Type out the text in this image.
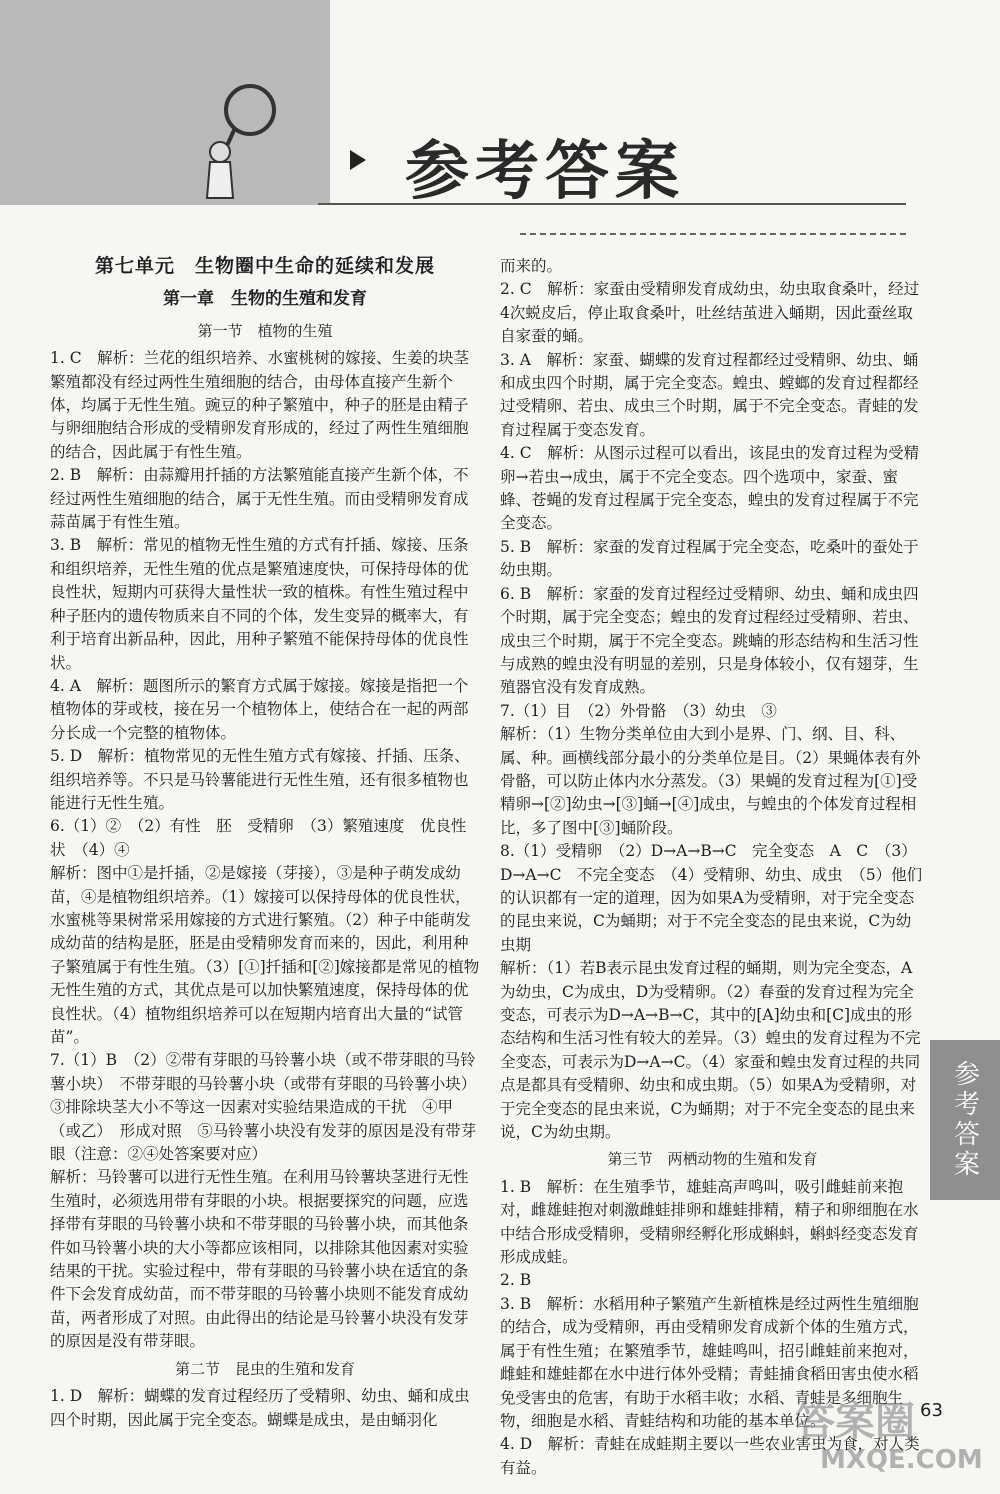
参考答案
第七单元　生物圈中生命的延续和发展
第一章　生物的生殖和发育
第一节　植物的生殖

1. C　解析：兰花的组织培养、水蜜桃树的嫁接、生姜的块茎繁殖都没有经过两性生殖细胞的结合，由母体直接产生新个体，均属于无性生殖。豌豆的种子繁殖中，种子的胚是由精子与卵细胞结合形成的受精卵发育形成的，经过了两性生殖细胞的结合，因此属于有性生殖。

2. B　解析：由蒜瓣用扦插的方法繁殖能直接产生新个体，不经过两性生殖细胞的结合，属于无性生殖。而由受精卵发育成蒜苗属于有性生殖。

3. B　解析：常见的植物无性生殖的方式有扦插、嫁接、压条和组织培养，无性生殖的优点是繁殖速度快，可保持母体的优良性状，短期内可获得大量性状一致的植株。有性生殖过程中种子胚内的遗传物质来自不同的个体，发生变异的概率大，有利于培育出新品种，因此，用种子繁殖不能保持母体的优良性状。

4. A　解析：题图所示的繁育方式属于嫁接。嫁接是指把一个植物体的芽或枝，接在另一个植物体上，使结合在一起的两部分长成一个完整的植物体。

5. D　解析：植物常见的无性生殖方式有嫁接、扦插、压条、组织培养等。不只是马铃薯能进行无性生殖，还有很多植物也能进行无性生殖。

6.（1）②　（2）有性　胚　受精卵　（3）繁殖速度　优良性状　（4）④

解析：图中①是扦插，②是嫁接（芽接），③是种子萌发成幼苗，④是植物组织培养。（1）嫁接可以保持母体的优良性状，水蜜桃等果树常采用嫁接的方式进行繁殖。（2）种子中能萌发成幼苗的结构是胚，胚是由受精卵发育而来的，因此，利用种子繁殖属于有性生殖。（3）[①]扦插和[②]嫁接都是常见的植物无性生殖的方式，其优点是可以加快繁殖速度，保持母体的优良性状。（4）植物组织培养可以在短期内培育出大量的“试管苗”。

7.（1）B　（2）②带有芽眼的马铃薯小块（或不带芽眼的马铃薯小块）　不带芽眼的马铃薯小块（或带有芽眼的马铃薯小块）　③排除块茎大小不等这一因素对实验结果造成的干扰　④甲（或乙）　形成对照　⑤马铃薯小块没有发芽的原因是没有带芽眼（注意：②④处答案要对应）

解析：马铃薯可以进行无性生殖。在利用马铃薯块茎进行无性生殖时，必须选用带有芽眼的小块。根据要探究的问题，应选择带有芽眼的马铃薯小块和不带芽眼的马铃薯小块，而其他条件如马铃薯小块的大小等都应该相同，以排除其他因素对实验结果的干扰。实验过程中，带有芽眼的马铃薯小块在适宜的条件下会发育成幼苗，而不带芽眼的马铃薯小块则不能发育成幼苗，两者形成了对照。由此得出的结论是马铃薯小块没有发芽的原因是没有带芽眼。

第二节　昆虫的生殖和发育

1. D　解析：蝴蝶的发育过程经历了受精卵、幼虫、蛹和成虫四个时期，因此属于完全变态。蝴蝶是成虫，是由蛹羽化

而来的。

2. C　解析：家蚕由受精卵发育成幼虫，幼虫取食桑叶，经过4次蜕皮后，停止取食桑叶，吐丝结茧进入蛹期，因此蚕丝取自家蚕的蛹。

3. A　解析：家蚕、蝴蝶的发育过程都经过受精卵、幼虫、蛹和成虫四个时期，属于完全变态。蝗虫、螳螂的发育过程都经过受精卵、若虫、成虫三个时期，属于不完全变态。青蛙的发育过程属于变态发育。

4. C　解析：从图示过程可以看出，该昆虫的发育过程为受精卵→若虫→成虫，属于不完全变态。四个选项中，家蚕、蜜蜂、苍蝇的发育过程属于完全变态，蝗虫的发育过程属于不完全变态。

5. B　解析：家蚕的发育过程属于完全变态，吃桑叶的蚕处于幼虫期。

6. B　解析：家蚕的发育过程经过受精卵、幼虫、蛹和成虫四个时期，属于完全变态；蝗虫的发育过程经过受精卵、若虫、成虫三个时期，属于不完全变态。跳蝻的形态结构和生活习性与成熟的蝗虫没有明显的差别，只是身体较小，仅有翅芽，生殖器官没有发育成熟。

7.（1）目　（2）外骨骼　（3）幼虫　③

解析：（1）生物分类单位由大到小是界、门、纲、目、科、属、种。画横线部分最小的分类单位是目。（2）果蝇体表有外骨骼，可以防止体内水分蒸发。（3）果蝇的发育过程为[①]受精卵→[②]幼虫→[③]蛹→[④]成虫，与蝗虫的个体发育过程相比，多了图中[③]蛹阶段。

8.（1）受精卵　（2）D→A→B→C　完全变态　A　C　（3）D→A→C　不完全变态　（4）受精卵、幼虫、成虫　（5）他们的认识都有一定的道理，因为如果A为受精卵，对于完全变态的昆虫来说，C为蛹期；对于不完全变态的昆虫来说，C为幼虫期

解析：（1）若B表示昆虫发育过程的蛹期，则为完全变态，A为幼虫，C为成虫，D为受精卵。（2）春蚕的发育过程为完全变态，可表示为D→A→B→C，其中的[A]幼虫和[C]成虫的形态结构和生活习性有较大的差异。（3）蝗虫的发育过程为不完全变态，可表示为D→A→C。（4）家蚕和蝗虫发育过程的共同点是都具有受精卵、幼虫和成虫期。（5）如果A为受精卵，对于完全变态的昆虫来说，C为蛹期；对于不完全变态的昆虫来说，C为幼虫期。

第三节　两栖动物的生殖和发育

1. B　解析：在生殖季节，雄蛙高声鸣叫，吸引雌蛙前来抱对，雌雄蛙抱对刺激雌蛙排卵和雄蛙排精，精子和卵细胞在水中结合形成受精卵，受精卵经孵化形成蝌蚪，蝌蚪经变态发育形成成蛙。

2. B

3. B　解析：水稻用种子繁殖产生新植株是经过两性生殖细胞的结合，成为受精卵，再由受精卵发育成新个体的生殖方式，属于有性生殖；在繁殖季节，雄蛙鸣叫，招引雌蛙前来抱对，雌蛙和雄蛙都在水中进行体外受精；青蛙捕食稻田害虫使水稻免受害虫的危害，有助于水稻丰收；水稻、青蛙是多细胞生物，细胞是水稻、青蛙结构和功能的基本单位。

4. D　解析：青蛙在成蛙期主要以一些农业害虫为食，对人类有益。

参考答案
答案圈
MXQE.COM
63
